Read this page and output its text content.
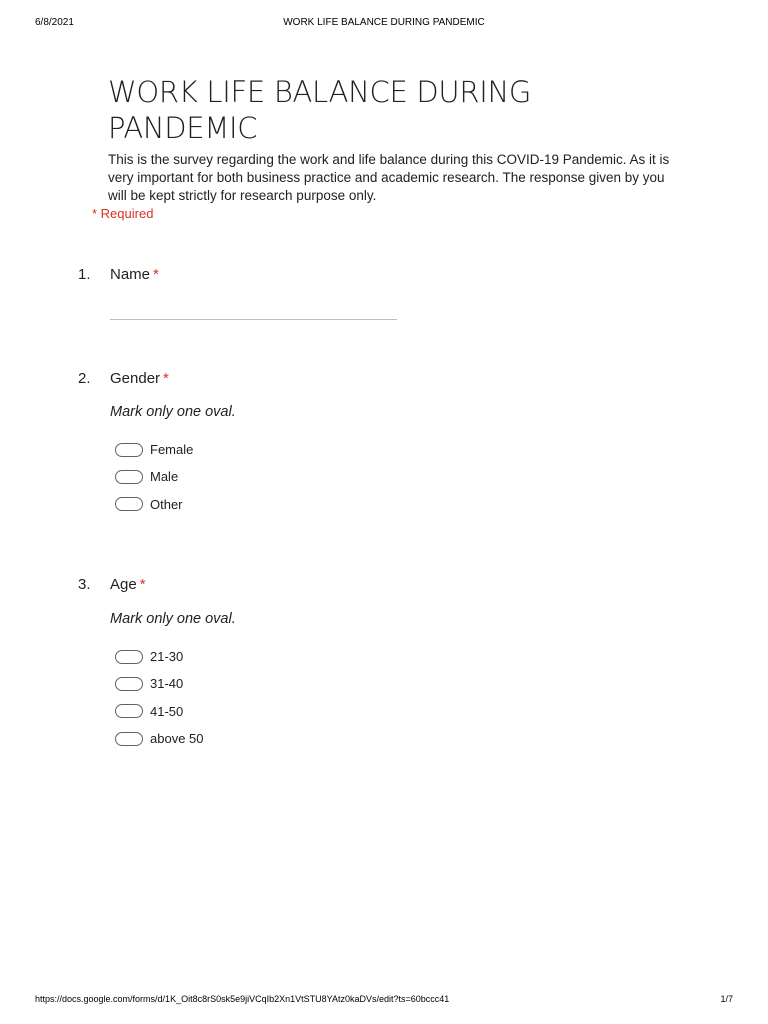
6/8/2021	WORK LIFE BALANCE DURING PANDEMIC
WORK LIFE BALANCE DURING PANDEMIC
This is the survey regarding the work and life balance during this COVID-19 Pandemic. As it is very important for both business practice and academic research. The response given by you will be kept strictly for research purpose only.
* Required
1. Name *
2. Gender *
Mark only one oval.
Female
Male
Other
3. Age *
Mark only one oval.
21-30
31-40
41-50
above 50
https://docs.google.com/forms/d/1K_Oit8c8rS0sk5e9jiVCqIb2Xn1VtSTU8YAtz0kaDVs/edit?ts=60bccc41	1/7
